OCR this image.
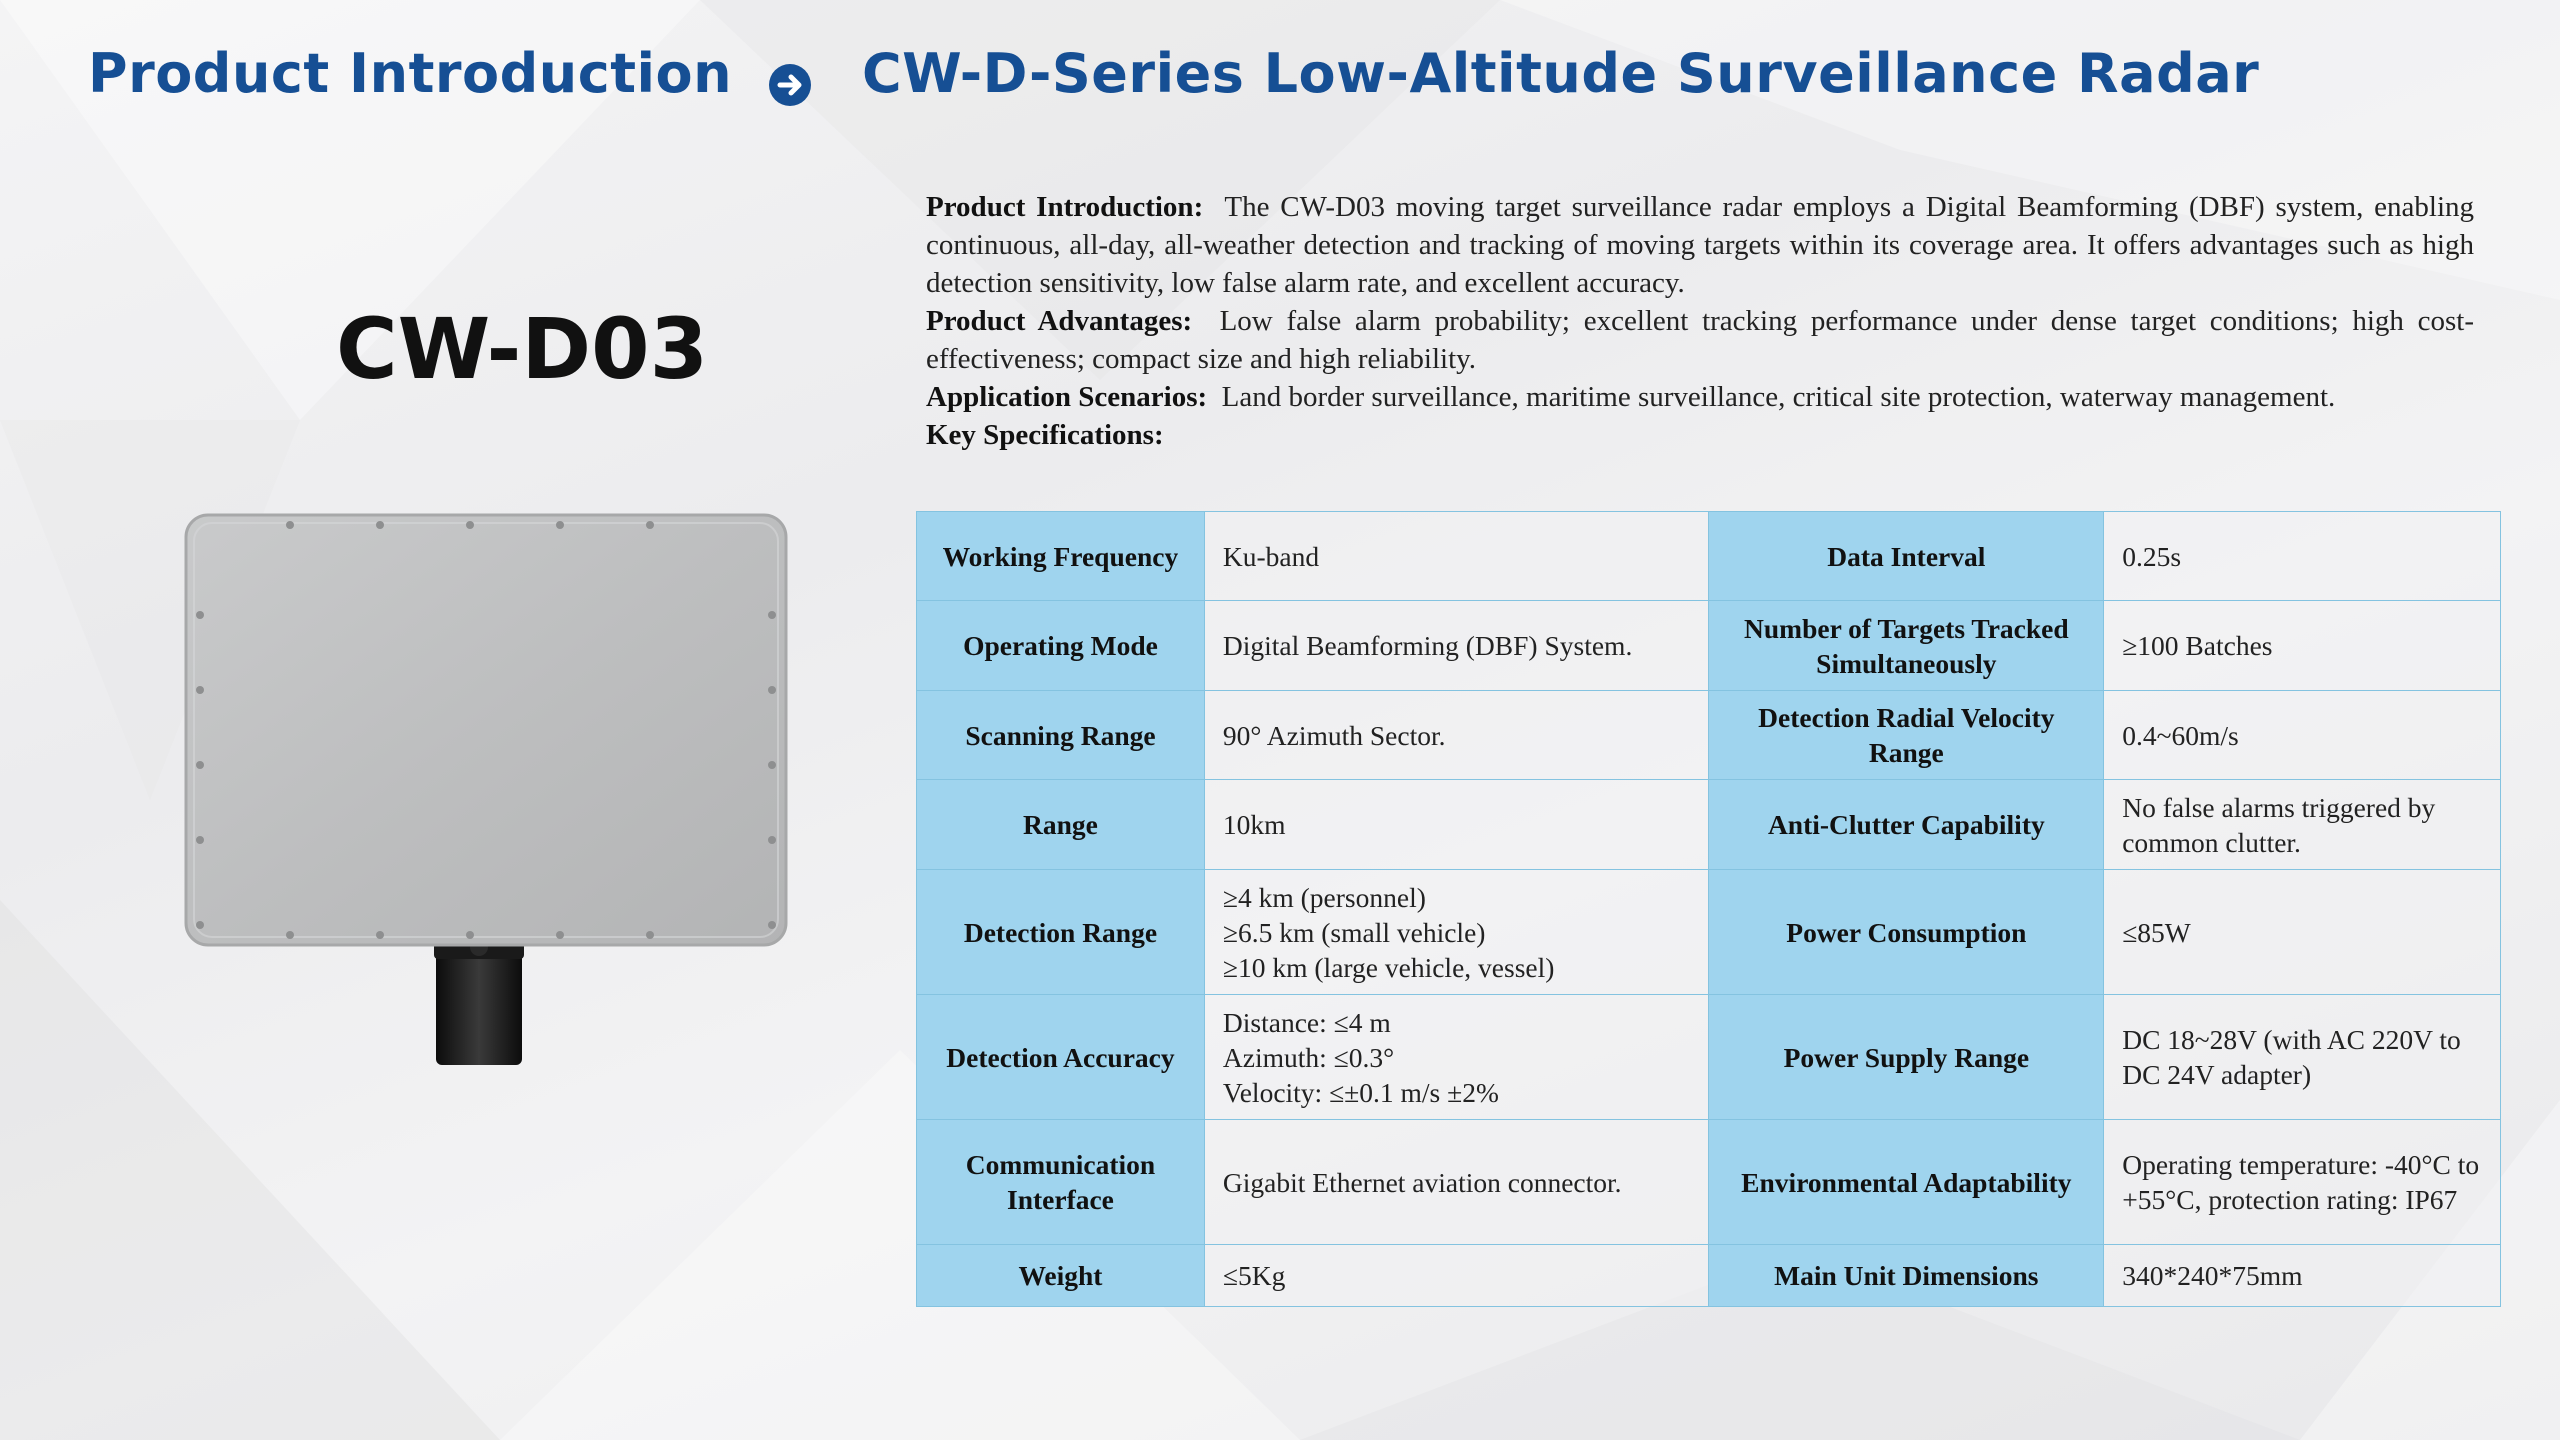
Product Introduction CW-D-Series Low-Altitude Surveillance Radar
CW-D03

Product Introduction: The CW-D03 moving target surveillance radar employs a Digital Beamforming (DBF) system, enabling continuous, all-day, all-weather detection and tracking of moving targets within its coverage area. It offers advantages such as high detection sensitivity, low false alarm rate, and excellent accuracy.

Product Advantages: Low false alarm probability; excellent tracking performance under dense target conditions; high cost-effectiveness; compact size and high reliability.

Application Scenarios: Land border surveillance, maritime surveillance, critical site protection, waterway management.

Key Specifications:

Working Frequency	Ku-band	Data Interval	0.25s
Operating Mode	Digital Beamforming (DBF) System.	Number of Targets Tracked Simultaneously	≥100 Batches
Scanning Range	90° Azimuth Sector.	Detection Radial Velocity Range	0.4~60m/s
Range	10km	Anti-Clutter Capability	No false alarms triggered by common clutter.
Detection Range	≥4 km (personnel)
≥6.5 km (small vehicle)
≥10 km (large vehicle, vessel)	Power Consumption	≤85W
Detection Accuracy	Distance: ≤4 m
Azimuth: ≤0.3°
Velocity: ≤±0.1 m/s ±2%	Power Supply Range	DC 18~28V (with AC 220V to DC 24V adapter)
Communication Interface	Gigabit Ethernet aviation connector.	Environmental Adaptability	Operating temperature: -40°C to +55°C, protection rating: IP67
Weight	≤5Kg	Main Unit Dimensions	340*240*75mm
